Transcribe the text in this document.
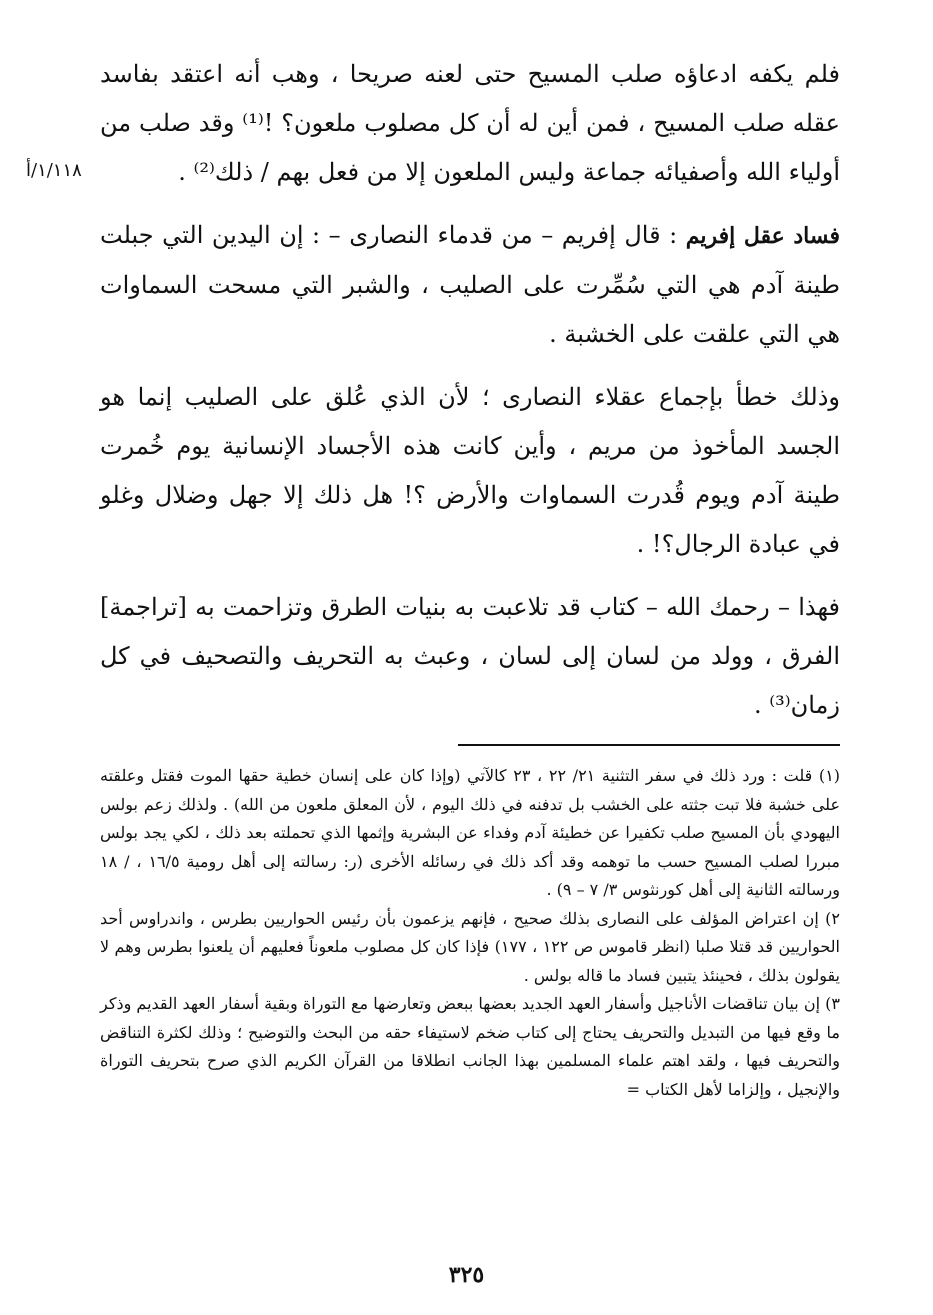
١/١١٨/أ

فلم يكفه ادعاؤه صلب المسيح حتى لعنه صريحا ، وهب أنه اعتقد بفاسد عقله صلب المسيح ، فمن أين له أن كل مصلوب ملعون؟ !⁽¹⁾ وقد صلب من أولياء الله وأصفيائه جماعة وليس الملعون إلا من فعل بهم / ذلك⁽²⁾ .

فساد عقل إفريم : قال إفريم – من قدماء النصارى – : إن اليدين التي جبلت طينة آدم هي التي سُمِّرت على الصليب ، والشبر التي مسحت السماوات هي التي علقت على الخشبة .

وذلك خطأ بإجماع عقلاء النصارى ؛ لأن الذي عُلق على الصليب إنما هو الجسد المأخوذ من مريم ، وأين كانت هذه الأجساد الإنسانية يوم خُمرت طينة آدم ويوم قُدرت السماوات والأرض ؟! هل ذلك إلا جهل وضلال وغلو في عبادة الرجال؟! .

فهذا – رحمك الله – كتاب قد تلاعبت به بنيات الطرق وتزاحمت به [تراجمة] الفرق ، وولد من لسان إلى لسان ، وعبث به التحريف والتصحيف في كل زمان⁽³⁾ .

(١) قلت : ورد ذلك في سفر التثنية ٢١/ ٢٢ ، ٢٣ كالآتي (وإذا كان على إنسان خطية حقها الموت فقتل وعلقته على خشبة فلا تبت جثته على الخشب بل تدفنه في ذلك اليوم ، لأن المعلق ملعون من الله) . ولذلك زعم بولس اليهودي بأن المسيح صلب تكفيرا عن خطيئة آدم وفداء عن البشرية وإثمها الذي تحملته بعد ذلك ، لكي يجد بولس مبررا لصلب المسيح حسب ما توهمه وقد أكد ذلك في رسائله الأخرى (ر: رسالته إلى أهل رومية ١٦/٥ ، / ١٨ ورسالته الثانية إلى أهل كورنثوس ٣/ ٧ – ٩) .

٢) إن اعتراض المؤلف على النصارى بذلك صحيح ، فإنهم يزعمون بأن رئيس الحواريين بطرس ، واندراوس أحد الحواريين قد قتلا صلبا (انظر قاموس ص ١٢٢ ، ١٧٧) فإذا كان كل مصلوب ملعوناً فعليهم أن يلعنوا بطرس وهم لا يقولون بذلك ، فحينئذ يتبين فساد ما قاله بولس .

٣) إن بيان تناقضات الأناجيل وأسفار العهد الجديد بعضها ببعض وتعارضها مع التوراة وبقية أسفار العهد القديم وذكر ما وقع فيها من التبديل والتحريف يحتاج إلى كتاب ضخم لاستيفاء حقه من البحث والتوضيح ؛ وذلك لكثرة التناقض والتحريف فيها ، ولقد اهتم علماء المسلمين بهذا الجانب انطلاقا من القرآن الكريم الذي صرح بتحريف التوراة والإنجيل ، وإلزاما لأهل الكتاب =

٣٢٥
